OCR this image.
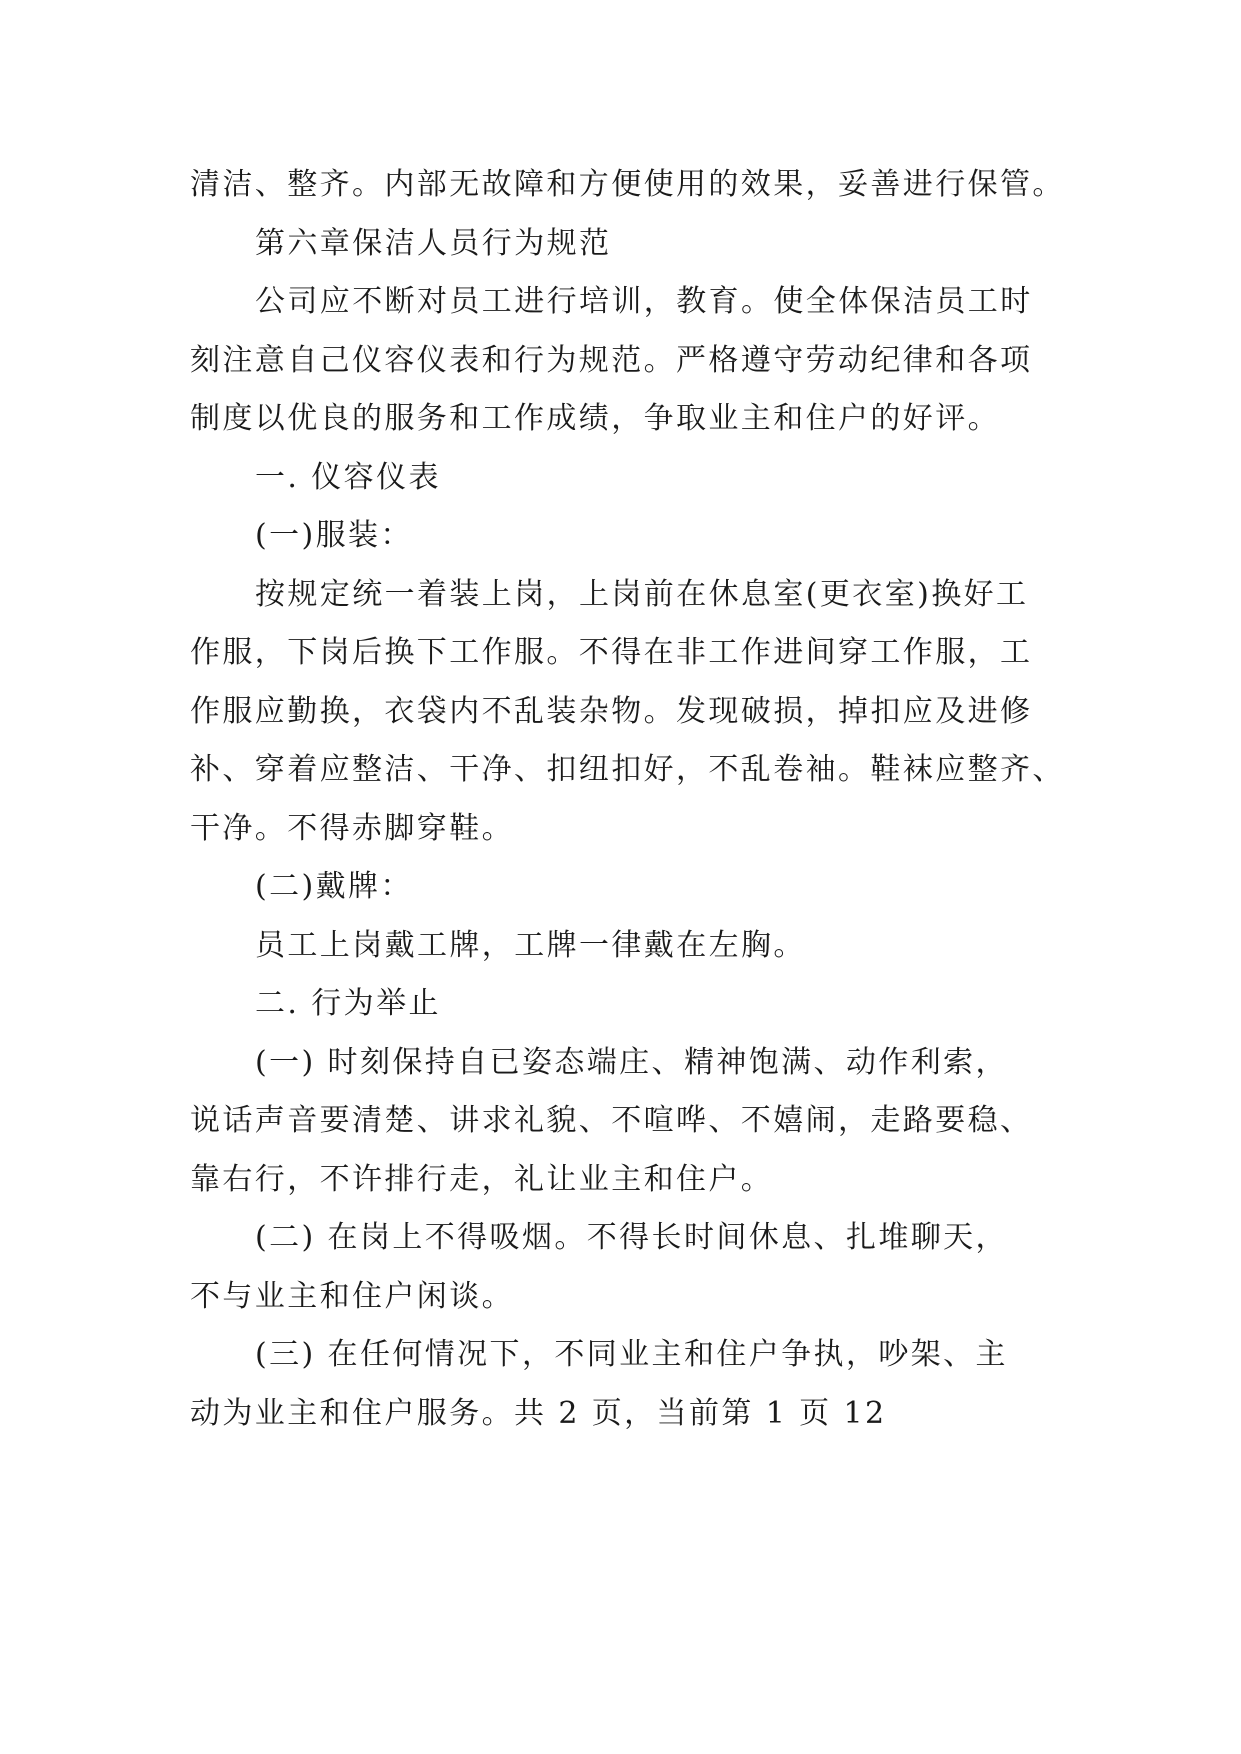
清洁、整齐。内部无故障和方便使用的效果，妥善进行保管。
第六章保洁人员行为规范
公司应不断对员工进行培训，教育。使全体保洁员工时
刻注意自己仪容仪表和行为规范。严格遵守劳动纪律和各项
制度以优良的服务和工作成绩，争取业主和住户的好评。
一. 仪容仪表
(一)服装：
按规定统一着装上岗，上岗前在休息室(更衣室)换好工
作服，下岗后换下工作服。不得在非工作进间穿工作服，工
作服应勤换，衣袋内不乱装杂物。发现破损，掉扣应及进修
补、穿着应整洁、干净、扣纽扣好，不乱卷袖。鞋袜应整齐、
干净。不得赤脚穿鞋。
(二)戴牌：
员工上岗戴工牌，工牌一律戴在左胸。
二. 行为举止
(一) 时刻保持自已姿态端庄、精神饱满、动作利索，
说话声音要清楚、讲求礼貌、不喧哗、不嬉闹，走路要稳、
靠右行，不许排行走，礼让业主和住户。
(二) 在岗上不得吸烟。不得长时间休息、扎堆聊天，
不与业主和住户闲谈。
(三) 在任何情况下，不同业主和住户争执，吵架、主
动为业主和住户服务。共 2 页，当前第 1 页 12
